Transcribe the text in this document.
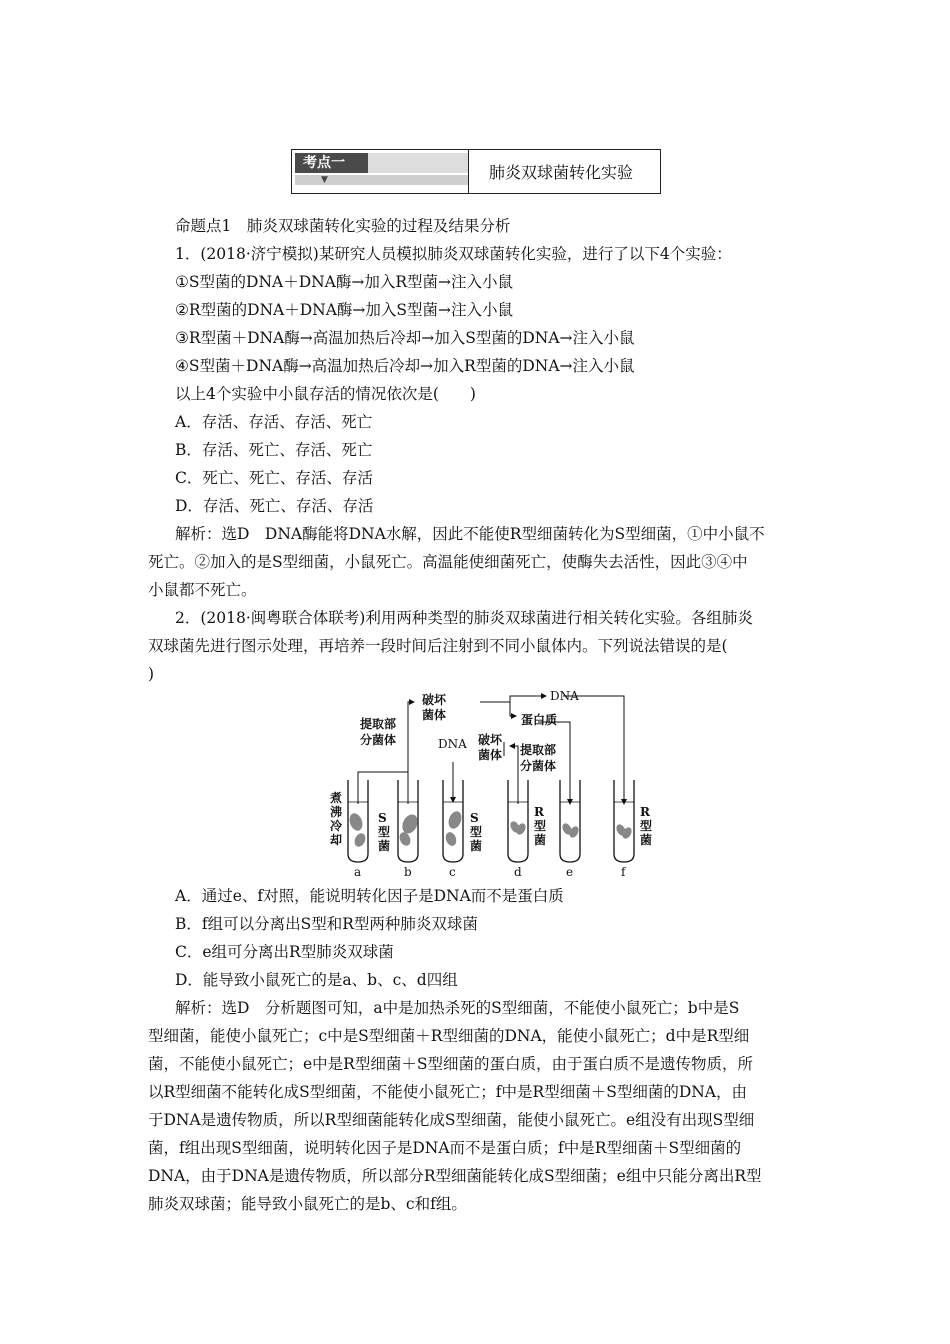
考点一
▼	肺炎双球菌转化实验
命题点1　肺炎双球菌转化实验的过程及结果分析
1．(2018·济宁模拟)某研究人员模拟肺炎双球菌转化实验，进行了以下4个实验：
①S型菌的DNA＋DNA酶→加入R型菌→注入小鼠
②R型菌的DNA＋DNA酶→加入S型菌→注入小鼠
③R型菌＋DNA酶→高温加热后冷却→加入S型菌的DNA→注入小鼠
④S型菌＋DNA酶→高温加热后冷却→加入R型菌的DNA→注入小鼠
以上4个实验中小鼠存活的情况依次是(　　)
A．存活、存活、存活、死亡
B．存活、死亡、存活、死亡
C．死亡、死亡、存活、存活
D．存活、死亡、存活、存活
解析：选D　DNA酶能将DNA水解，因此不能使R型细菌转化为S型细菌，①中小鼠不
死亡。②加入的是S型细菌，小鼠死亡。高温能使细菌死亡，使酶失去活性，因此③④中
小鼠都不死亡。
2．(2018·闽粤联合体联考)利用两种类型的肺炎双球菌进行相关转化实验。各组肺炎
双球菌先进行图示处理，再培养一段时间后注射到不同小鼠体内。下列说法错误的是(
)
提取部
分菌体
破坏
菌体
DNA
蛋白质
DNA 破坏
菌体 提取部
分菌体
煮
沸
冷
却
S
型
菌
S
型
菌
R
型
菌
R
型
菌
a	b	c	d	e	f
A．通过e、f对照，能说明转化因子是DNA而不是蛋白质
B．f组可以分离出S型和R型两种肺炎双球菌
C．e组可分离出R型肺炎双球菌
D．能导致小鼠死亡的是a、b、c、d四组
解析：选D　分析题图可知，a中是加热杀死的S型细菌，不能使小鼠死亡；b中是S
型细菌，能使小鼠死亡；c中是S型细菌＋R型细菌的DNA，能使小鼠死亡；d中是R型细
菌，不能使小鼠死亡；e中是R型细菌＋S型细菌的蛋白质，由于蛋白质不是遗传物质，所
以R型细菌不能转化成S型细菌，不能使小鼠死亡；f中是R型细菌＋S型细菌的DNA，由
于DNA是遗传物质，所以R型细菌能转化成S型细菌，能使小鼠死亡。e组没有出现S型细
菌，f组出现S型细菌，说明转化因子是DNA而不是蛋白质；f中是R型细菌＋S型细菌的
DNA，由于DNA是遗传物质，所以部分R型细菌能转化成S型细菌；e组中只能分离出R型
肺炎双球菌；能导致小鼠死亡的是b、c和f组。
